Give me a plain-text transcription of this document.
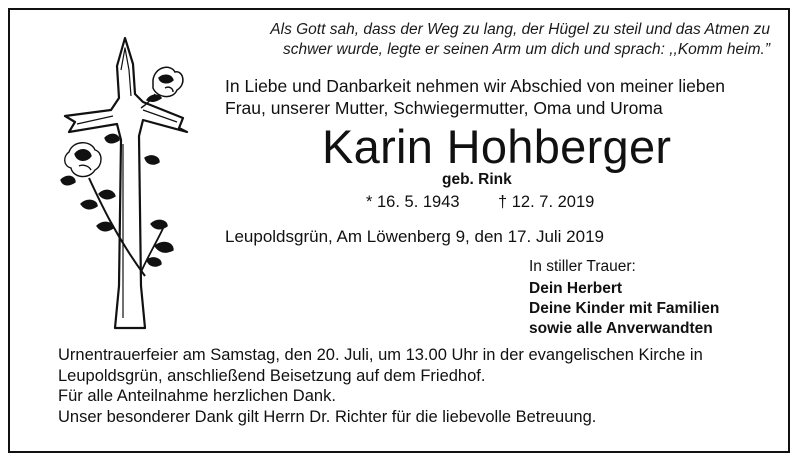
Als Gott sah, dass der Weg zu lang, der Hügel zu steil und das Atmen zu
schwer wurde, legte er seinen Arm um dich und sprach: ,,Komm heim.”
In Liebe und Danbarkeit nehmen wir Abschied von meiner lieben
Frau, unserer Mutter, Schwiegermutter, Oma und Uroma
Karin Hohberger
geb. Rink
* 16. 5. 1943 † 12. 7. 2019
Leupoldsgrün, Am Löwenberg 9, den 17. Juli 2019
In stiller Trauer:
Dein Herbert
Deine Kinder mit Familien
sowie alle Anverwandten
Urnentrauerfeier am Samstag, den 20. Juli, um 13.00 Uhr in der evangelischen Kirche in
Leupoldsgrün, anschließend Beisetzung auf dem Friedhof.
Für alle Anteilnahme herzlichen Dank.
Unser besonderer Dank gilt Herrn Dr. Richter für die liebevolle Betreuung.
